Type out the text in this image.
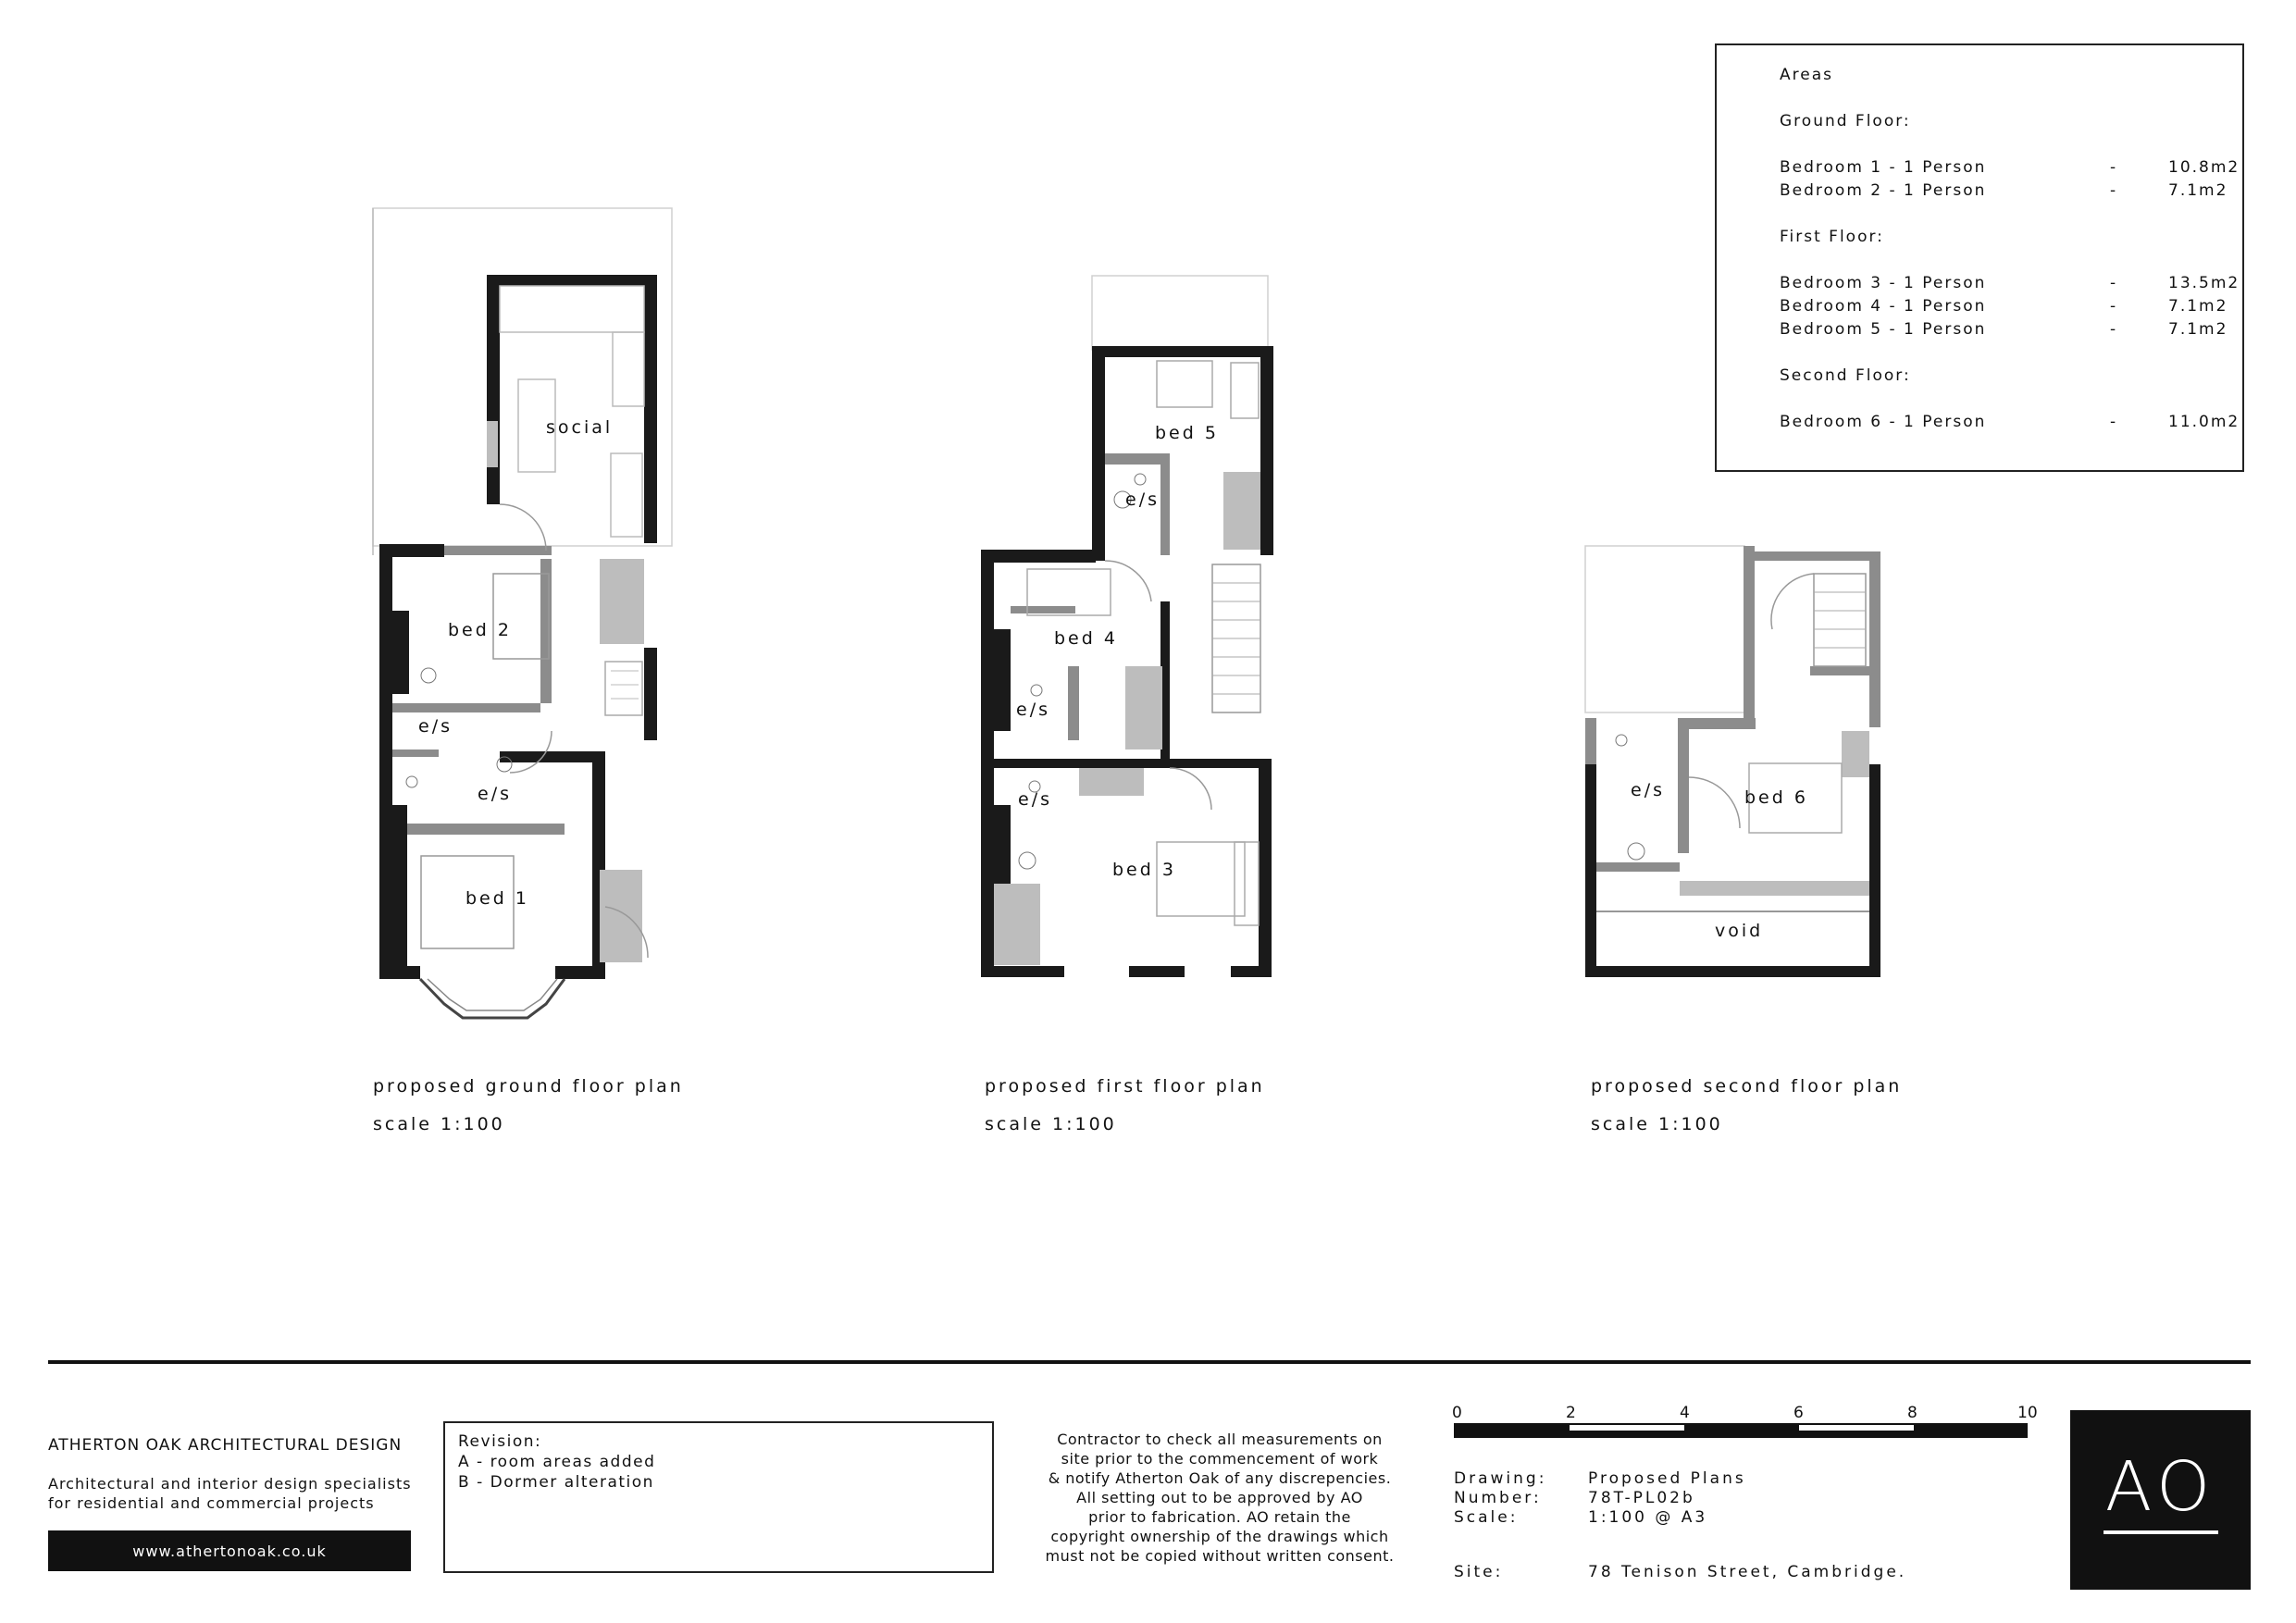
social
bed 2
e/s
e/s
bed 1
bed 5
e/s
bed 4
e/s
e/s
bed 3
e/s	bed 6
void
proposed ground floor plan
scale 1:100
proposed first floor plan
scale 1:100
proposed second floor plan
scale 1:100
Areas
Ground Floor:
Bedroom 1 - 1 Person	-	10.8m2
Bedroom 2 - 1 Person	-	7.1m2
First Floor:
Bedroom 3 - 1 Person	-	13.5m2
Bedroom 4 - 1 Person	-	7.1m2
Bedroom 5 - 1 Person	-	7.1m2
Second Floor:
Bedroom 6 - 1 Person	-	11.0m2
ATHERTON OAK ARCHITECTURAL DESIGN
Architectural and interior design specialists
for residential and commercial projects
www.athertonoak.co.uk
Revision:
A - room areas added
B - Dormer alteration
Contractor to check all measurements on
site prior to the commencement of work
& notify Atherton Oak of any discrepencies.
All setting out to be approved by AO
prior to fabrication. AO retain the
copyright ownership of the drawings which
must not be copied without written consent.
0	2	4	6	8	10
Drawing:	Proposed Plans
Number:	78T-PL02b
Scale:	1:100 @ A3
Site:	78 Tenison Street, Cambridge.
AO
